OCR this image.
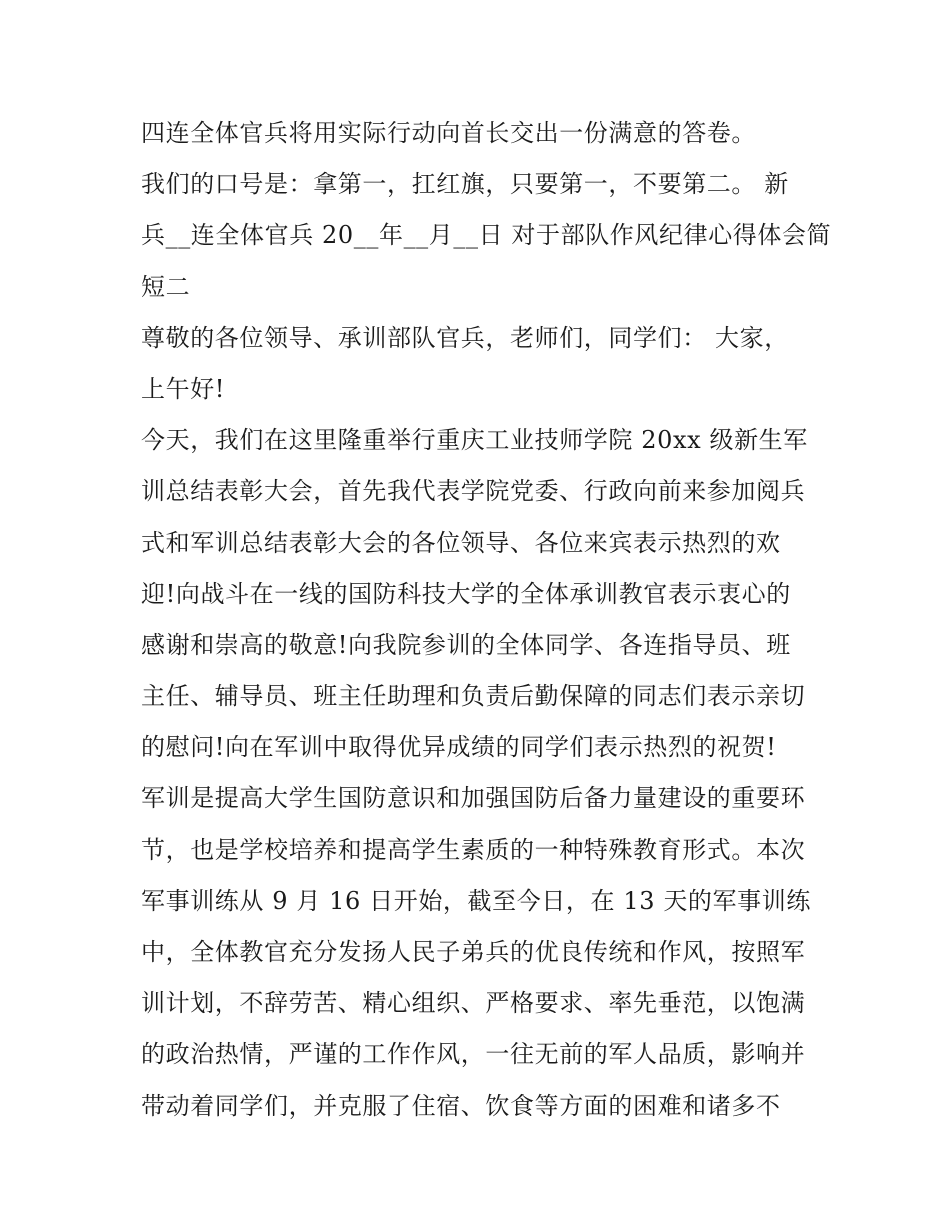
四连全体官兵将用实际行动向首长交出一份满意的答卷。
我们的口号是：拿第一，扛红旗，只要第一，不要第二。 新
兵__连全体官兵 20__年__月__日 对于部队作风纪律心得体会简
短二
尊敬的各位领导、承训部队官兵，老师们，同学们： 大家，
上午好!
今天，我们在这里隆重举行重庆工业技师学院 20xx 级新生军
训总结表彰大会，首先我代表学院党委、行政向前来参加阅兵
式和军训总结表彰大会的各位领导、各位来宾表示热烈的欢
迎!向战斗在一线的国防科技大学的全体承训教官表示衷心的
感谢和崇高的敬意!向我院参训的全体同学、各连指导员、班
主任、辅导员、班主任助理和负责后勤保障的同志们表示亲切
的慰问!向在军训中取得优异成绩的同学们表示热烈的祝贺!
军训是提高大学生国防意识和加强国防后备力量建设的重要环
节，也是学校培养和提高学生素质的一种特殊教育形式。本次
军事训练从 9 月 16 日开始，截至今日，在 13 天的军事训练
中，全体教官充分发扬人民子弟兵的优良传统和作风，按照军
训计划，不辞劳苦、精心组织、严格要求、率先垂范，以饱满
的政治热情，严谨的工作作风，一往无前的军人品质，影响并
带动着同学们，并克服了住宿、饮食等方面的困难和诸多不
